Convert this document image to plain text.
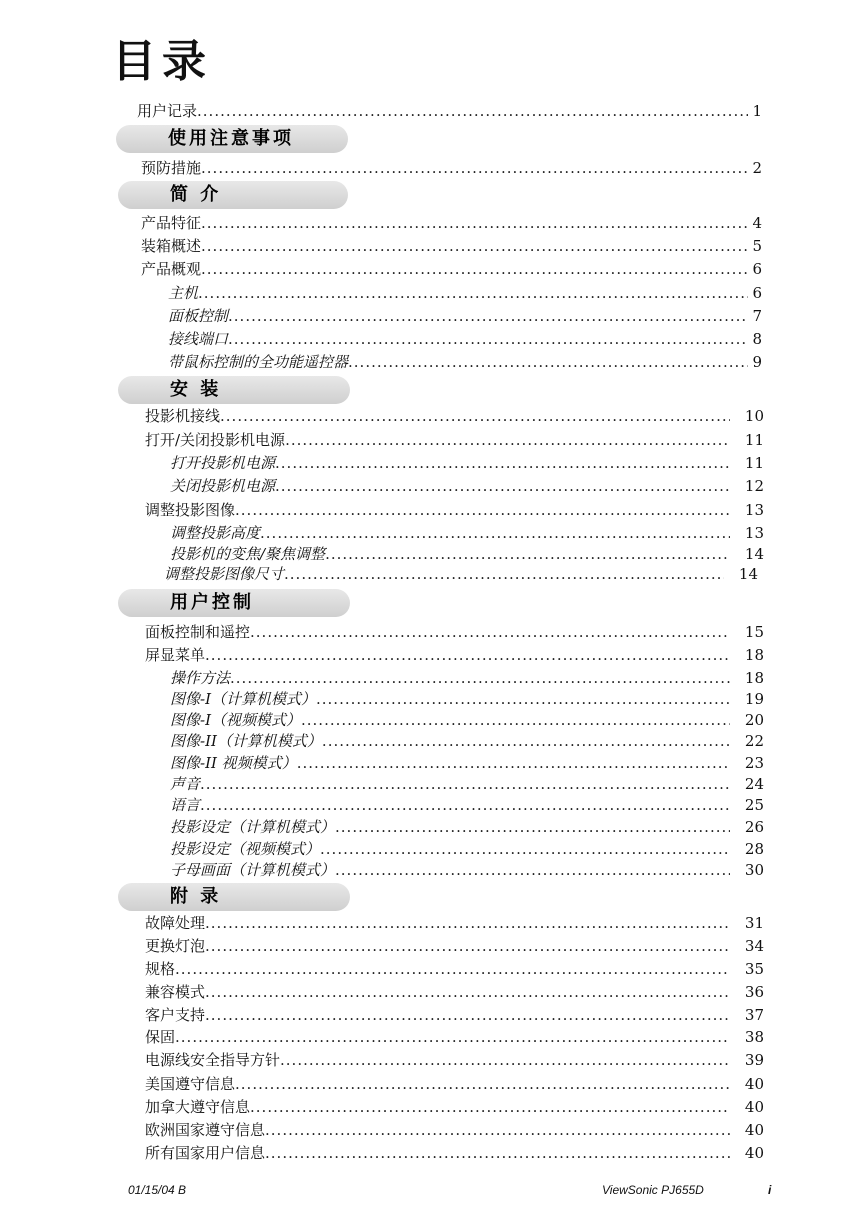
目录
用户记录 .....	1
使用注意事项
预防措施 .....	2
简 介
产品特征 .....	4
装箱概述 .....	5
产品概观 .....	6
主机 .....	6
面板控制 .....	7
接线端口 .....	8
带鼠标控制的全功能遥控器 .....	9
安 装
投影机接线 .....	10
打开/关闭投影机电源 .....	11
打开投影机电源 .....	11
关闭投影机电源 .....	12
调整投影图像 .....	13
调整投影高度 .....	13
投影机的变焦/聚焦调整 .....	14
调整投影图像尺寸 .....	14
用户控制
面板控制和遥控 .....	15
屏显菜单 .....	18
操作方法 .....	18
图像-I（计算机模式） .....	19
图像-I（视频模式） .....	20
图像-II（计算机模式） .....	22
图像-II 视频模式） .....	23
声音 .....	24
语言 .....	25
投影设定（计算机模式） .....	26
投影设定（视频模式） .....	28
子母画面（计算机模式） .....	30
附 录
故障处理 .....	31
更换灯泡 .....	34
规格 .....	35
兼容模式 .....	36
客户支持 .....	37
保固 .....	38
电源线安全指导方针 .....	39
美国遵守信息 .....	40
加拿大遵守信息 .....	40
欧洲国家遵守信息 .....	40
所有国家用户信息 .....	40
01/15/04 B	ViewSonic PJ655D	i
